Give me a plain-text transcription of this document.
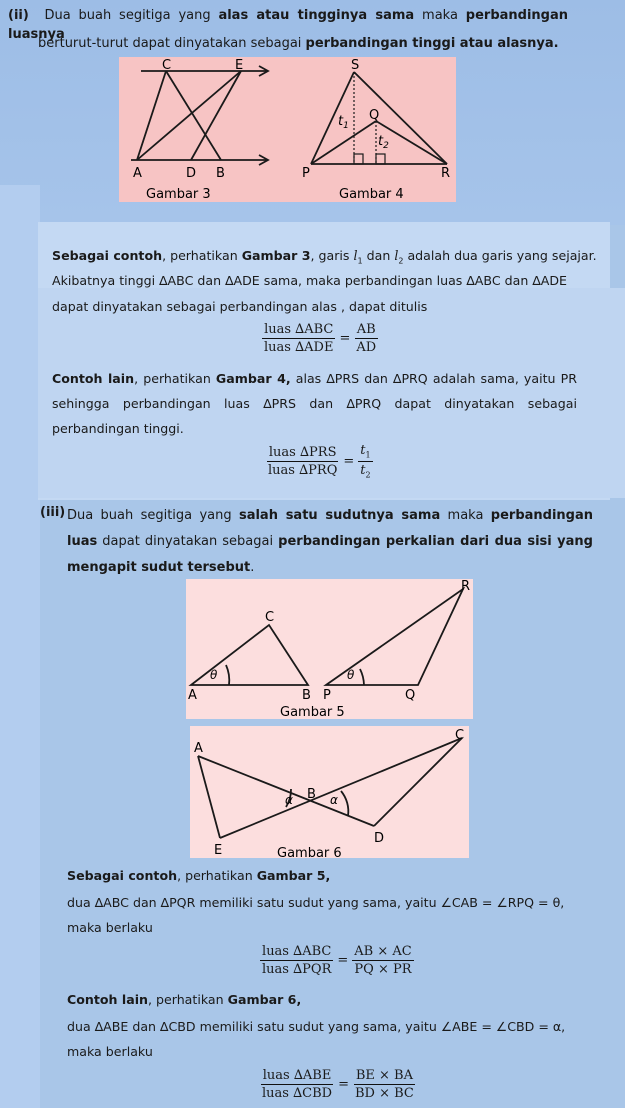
(ii) Dua buah segitiga yang alas atau tingginya sama maka perbandingan luasnya
berturut-turut dapat dinyatakan sebagai perbandingan tinggi atau alasnya.
C	E
A	D B
Gambar 3
S
Q
P	R
$t_1$
$t_2$
Gambar 4
Sebagai contoh, perhatikan Gambar 3, garis $l_1$ dan $l_2$ adalah dua garis yang sejajar.
Akibatnya tinggi ∆ABC dan ∆ADE sama, maka perbandingan luas ∆ABC dan ∆ADE
dapat dinyatakan sebagai perbandingan alas , dapat ditulis
$\frac{\text{luas ∆ABC}}{\text{luas ∆ADE}} = \frac{AB}{AD}$
Contoh lain, perhatikan Gambar 4, alas ∆PRS dan ∆PRQ adalah sama, yaitu PR sehingga perbandingan luas ∆PRS dan ∆PRQ dapat dinyatakan sebagai perbandingan tinggi.
$\frac{\text{luas ∆PRS}}{\text{luas ∆PRQ}} = \frac{t_1}{t_2}$
(iii) Dua buah segitiga yang salah satu sudutnya sama maka perbandingan luas dapat dinyatakan sebagai perbandingan perkalian dari dua sisi yang mengapit sudut tersebut.
C
A	B
R
P	Q
θ	θ
Gambar 5
A
C
B
E
D
α	α
Gambar 6
Sebagai contoh, perhatikan Gambar 5,
dua ∆ABC dan ∆PQR memiliki satu sudut yang sama, yaitu ∠CAB = ∠RPQ = θ,
maka berlaku
$\frac{\text{luas ∆ABC}}{\text{luas ∆PQR}} = \frac{AB \times AC}{PQ \times PR}$
Contoh lain, perhatikan Gambar 6,
dua ∆ABE dan ∆CBD memiliki satu sudut yang sama, yaitu ∠ABE = ∠CBD = α,
maka berlaku
$\frac{\text{luas ∆ABE}}{\text{luas ∆CBD}} = \frac{BE \times BA}{BD \times BC}$
